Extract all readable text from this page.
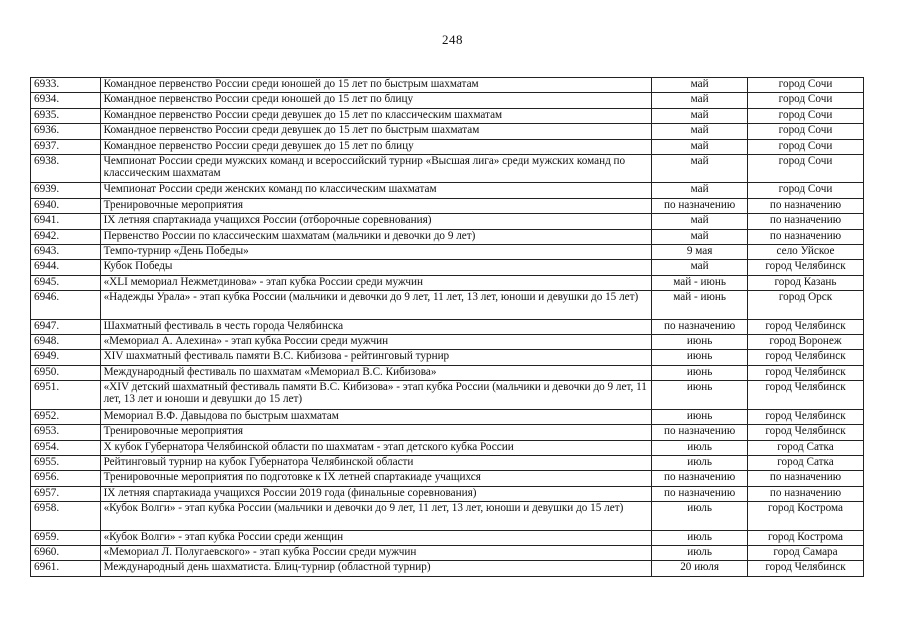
248
6933.	Командное первенство России среди юношей до 15 лет по быстрым шахматам	май	город Сочи
6934.	Командное первенство России среди юношей до 15 лет по блицу	май	город Сочи
6935.	Командное первенство России среди девушек до 15 лет по классическим шахматам	май	город Сочи
6936.	Командное первенство России среди девушек до 15 лет по быстрым шахматам	май	город Сочи
6937.	Командное первенство России среди девушек до 15 лет по блицу	май	город Сочи
6938.	Чемпионат России среди мужских команд и всероссийский турнир «Высшая лига» среди мужских команд по классическим шахматам	май	город Сочи
6939.	Чемпионат России среди женских команд по классическим шахматам	май	город Сочи
6940.	Тренировочные мероприятия	по назначению	по назначению
6941.	IX летняя спартакиада учащихся России (отборочные соревнования)	май	по назначению
6942.	Первенство России по классическим шахматам (мальчики и девочки до 9 лет)	май	по назначению
6943.	Темпо-турнир «День Победы»	9 мая	село Уйское
6944.	Кубок Победы	май	город Челябинск
6945.	«XLI мемориал Нежметдинова» - этап кубка России среди мужчин	май - июнь	город Казань
6946.	«Надежды Урала» - этап кубка России (мальчики и девочки до 9 лет, 11 лет, 13 лет, юноши и девушки до 15 лет)	май - июнь	город Орск
6947.	Шахматный фестиваль в честь города Челябинска	по назначению	город Челябинск
6948.	«Мемориал А. Алехина» - этап кубка России среди мужчин	июнь	город Воронеж
6949.	XIV шахматный фестиваль памяти В.С. Кибизова - рейтинговый турнир	июнь	город Челябинск
6950.	Международный фестиваль по шахматам «Мемориал В.С. Кибизова»	июнь	город Челябинск
6951.	«XIV детский шахматный фестиваль памяти В.С. Кибизова» - этап кубка России (мальчики и девочки до 9 лет, 11 лет, 13 лет и юноши и девушки до 15 лет)	июнь	город Челябинск
6952.	Мемориал В.Ф. Давыдова по быстрым шахматам	июнь	город Челябинск
6953.	Тренировочные мероприятия	по назначению	город Челябинск
6954.	X кубок Губернатора Челябинской области по шахматам - этап детского кубка России	июль	город Сатка
6955.	Рейтинговый турнир на кубок Губернатора Челябинской области	июль	город Сатка
6956.	Тренировочные мероприятия по подготовке к IX летней спартакиаде учащихся	по назначению	по назначению
6957.	IX летняя спартакиада учащихся России 2019 года (финальные соревнования)	по назначению	по назначению
6958.	«Кубок Волги» - этап кубка России (мальчики и девочки до 9 лет, 11 лет, 13 лет, юноши и девушки до 15 лет)	июль	город Кострома
6959.	«Кубок Волги» - этап кубка России среди женщин	июль	город Кострома
6960.	«Мемориал Л. Полугаевского» - этап кубка России среди мужчин	июль	город Самара
6961.	Международный день шахматиста. Блиц-турнир (областной турнир)	20 июля	город Челябинск
